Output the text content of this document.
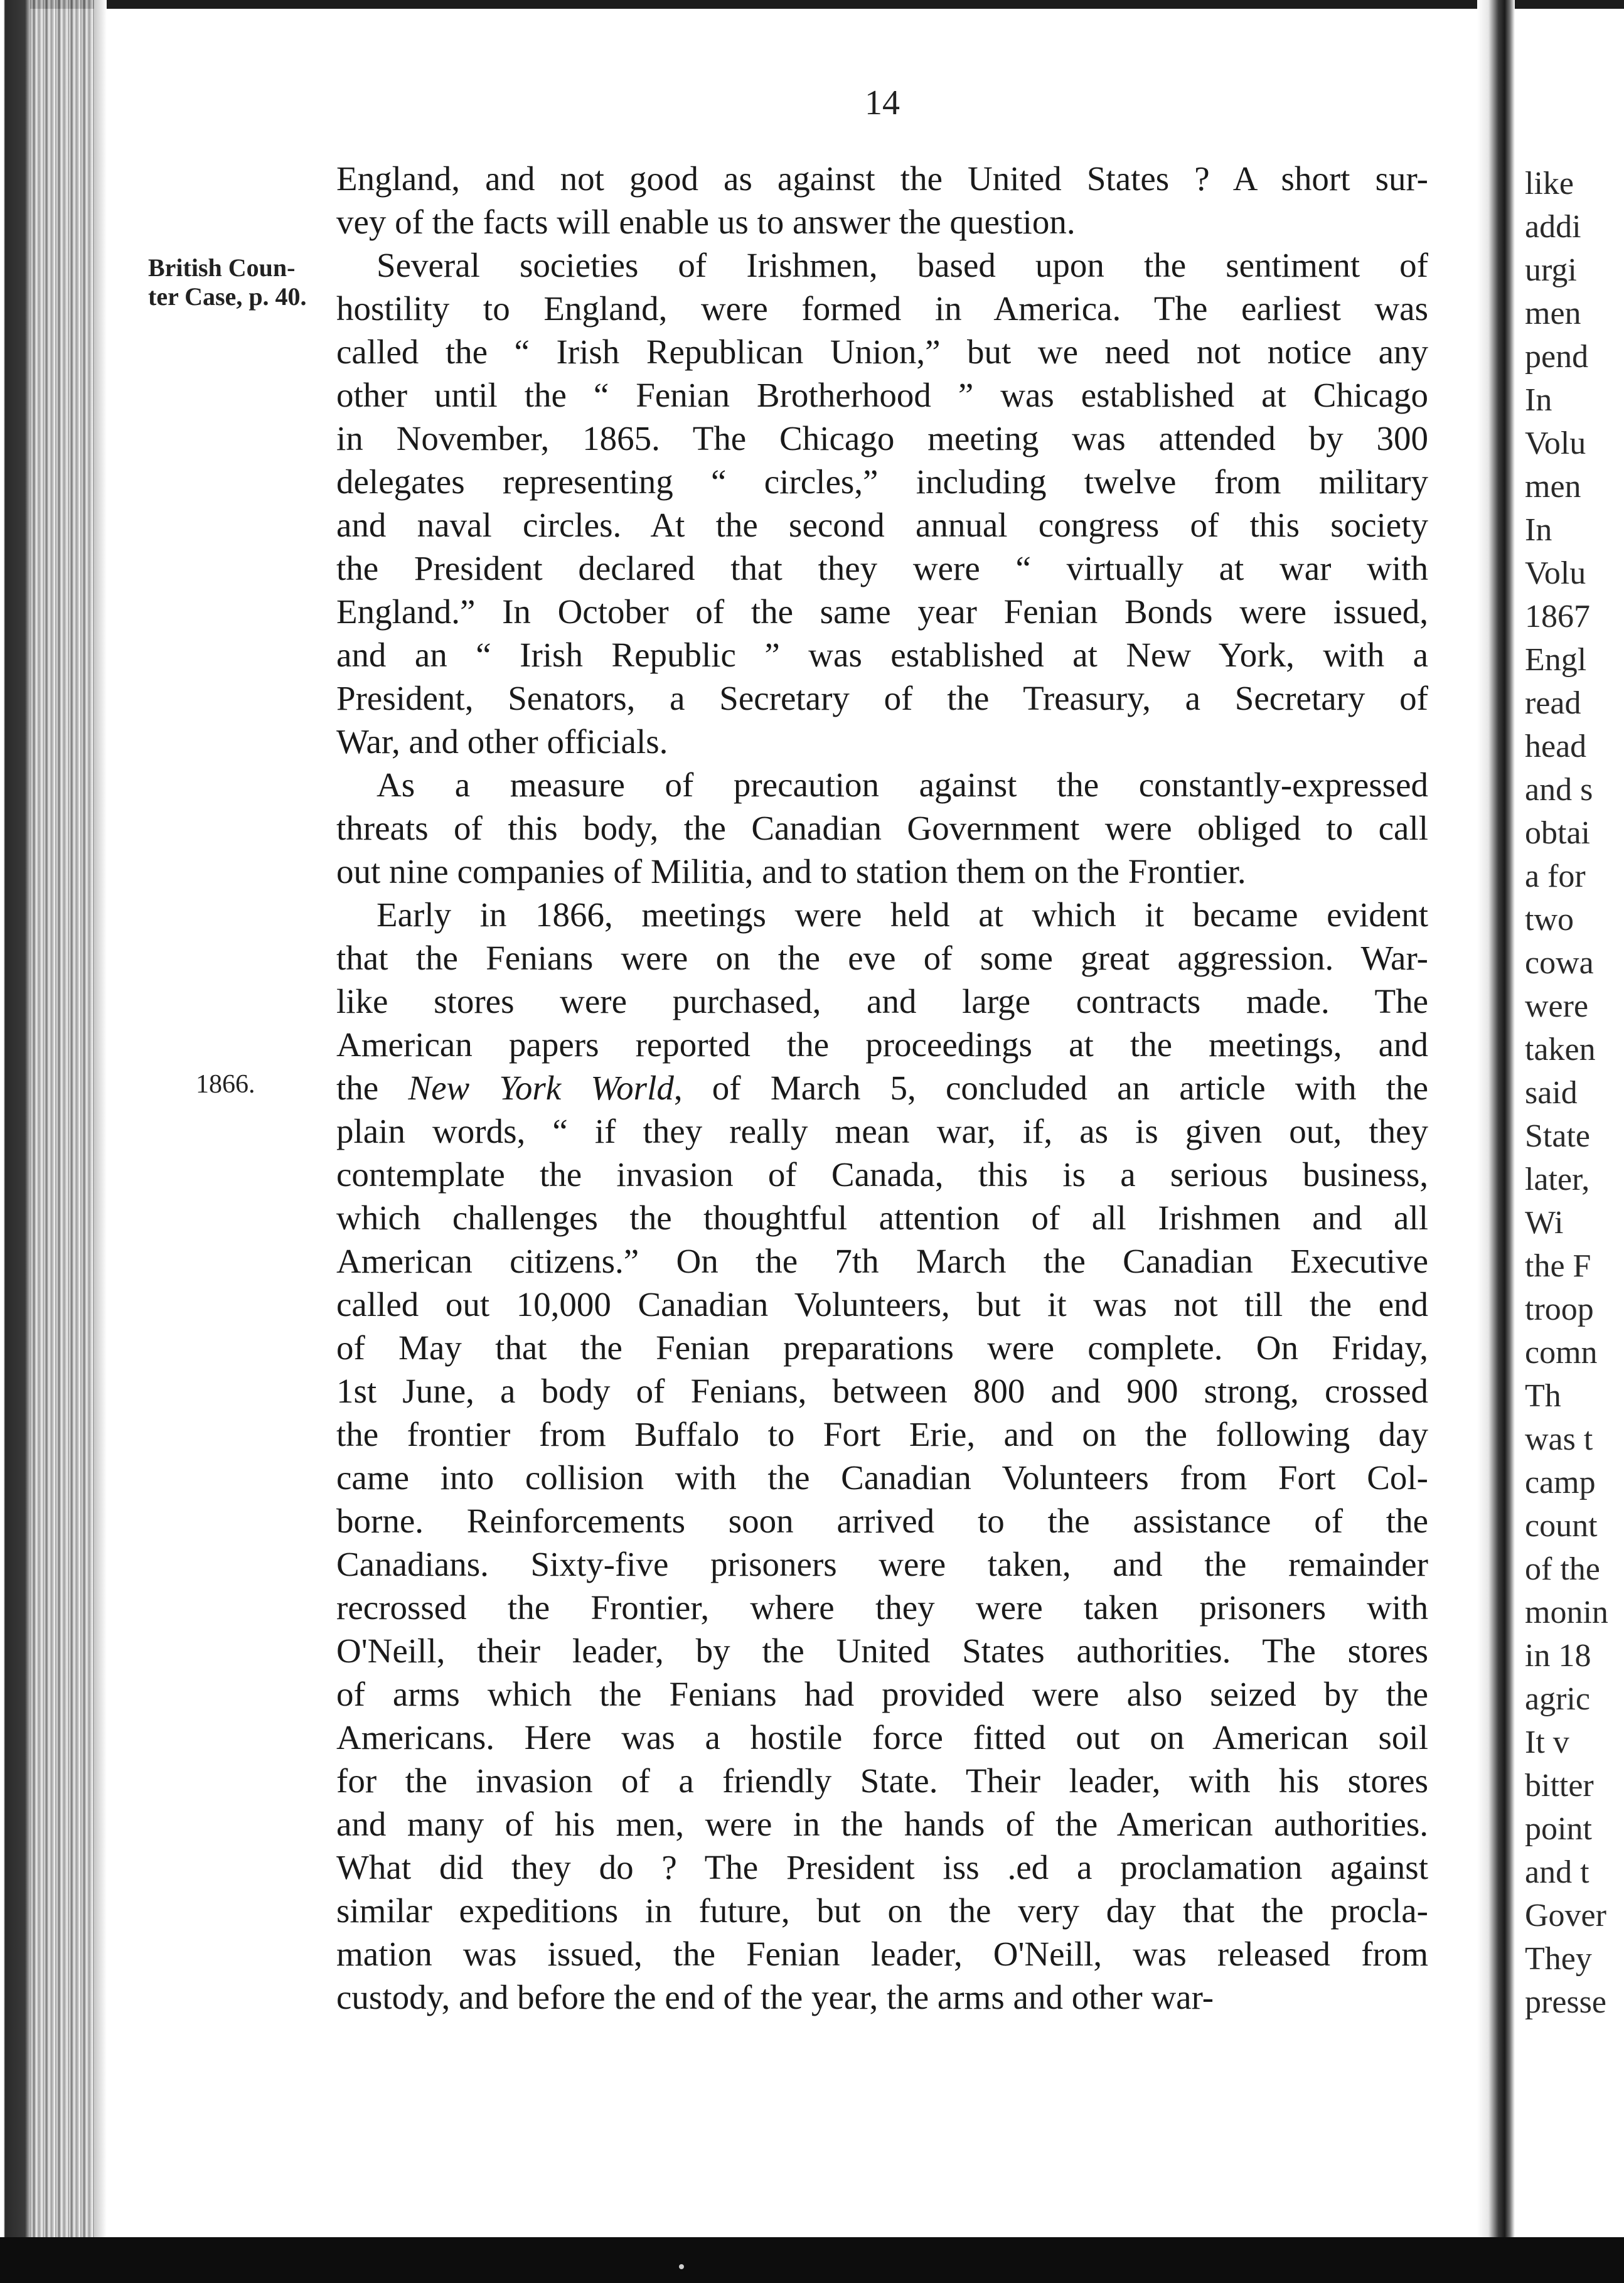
14
British Coun-
ter Case, p. 40.
1866.
England, and not good as against the United States ? A short sur-
vey of the facts will enable us to answer the question.
Several societies of Irishmen, based upon the sentiment of
hostility to England, were formed in America. The earliest was
called the “ Irish Republican Union,” but we need not notice any
other until the “ Fenian Brotherhood ” was established at Chicago
in November, 1865. The Chicago meeting was attended by 300
delegates representing “ circles,” including twelve from military
and naval circles. At the second annual congress of this society
the President declared that they were “ virtually at war with
England.” In October of the same year Fenian Bonds were issued,
and an “ Irish Republic ” was established at New York, with a
President, Senators, a Secretary of the Treasury, a Secretary of
War, and other officials.
As a measure of precaution against the constantly-expressed
threats of this body, the Canadian Government were obliged to call
out nine companies of Militia, and to station them on the Frontier.
Early in 1866, meetings were held at which it became evident
that the Fenians were on the eve of some great aggression. War-
like stores were purchased, and large contracts made. The
American papers reported the proceedings at the meetings, and
the New York World, of March 5, concluded an article with the
plain words, “ if they really mean war, if, as is given out, they
contemplate the invasion of Canada, this is a serious business,
which challenges the thoughtful attention of all Irishmen and all
American citizens.” On the 7th March the Canadian Executive
called out 10,000 Canadian Volunteers, but it was not till the end
of May that the Fenian preparations were complete. On Friday,
1st June, a body of Fenians, between 800 and 900 strong, crossed
the frontier from Buffalo to Fort Erie, and on the following day
came into collision with the Canadian Volunteers from Fort Col-
borne. Reinforcements soon arrived to the assistance of the
Canadians. Sixty-five prisoners were taken, and the remainder
recrossed the Frontier, where they were taken prisoners with
O'Neill, their leader, by the United States authorities. The stores
of arms which the Fenians had provided were also seized by the
Americans. Here was a hostile force fitted out on American soil
for the invasion of a friendly State. Their leader, with his stores
and many of his men, were in the hands of the American authorities.
What did they do ? The President iss .ed a proclamation against
similar expeditions in future, but on the very day that the procla-
mation was issued, the Fenian leader, O'Neill, was released from
custody, and before the end of the year, the arms and other war-
like
addi
urgi
men
pend
In
Volu
men
In
Volu
1867
Engl
read
head
and s
obtai
a for
two
cowa
were
taken
said
State
later,
Wi
the F
troop
comn
Th
was t
camp
count
of the
monin
in 18
agric
It v
bitter
point
and t
Gover
They
presse
